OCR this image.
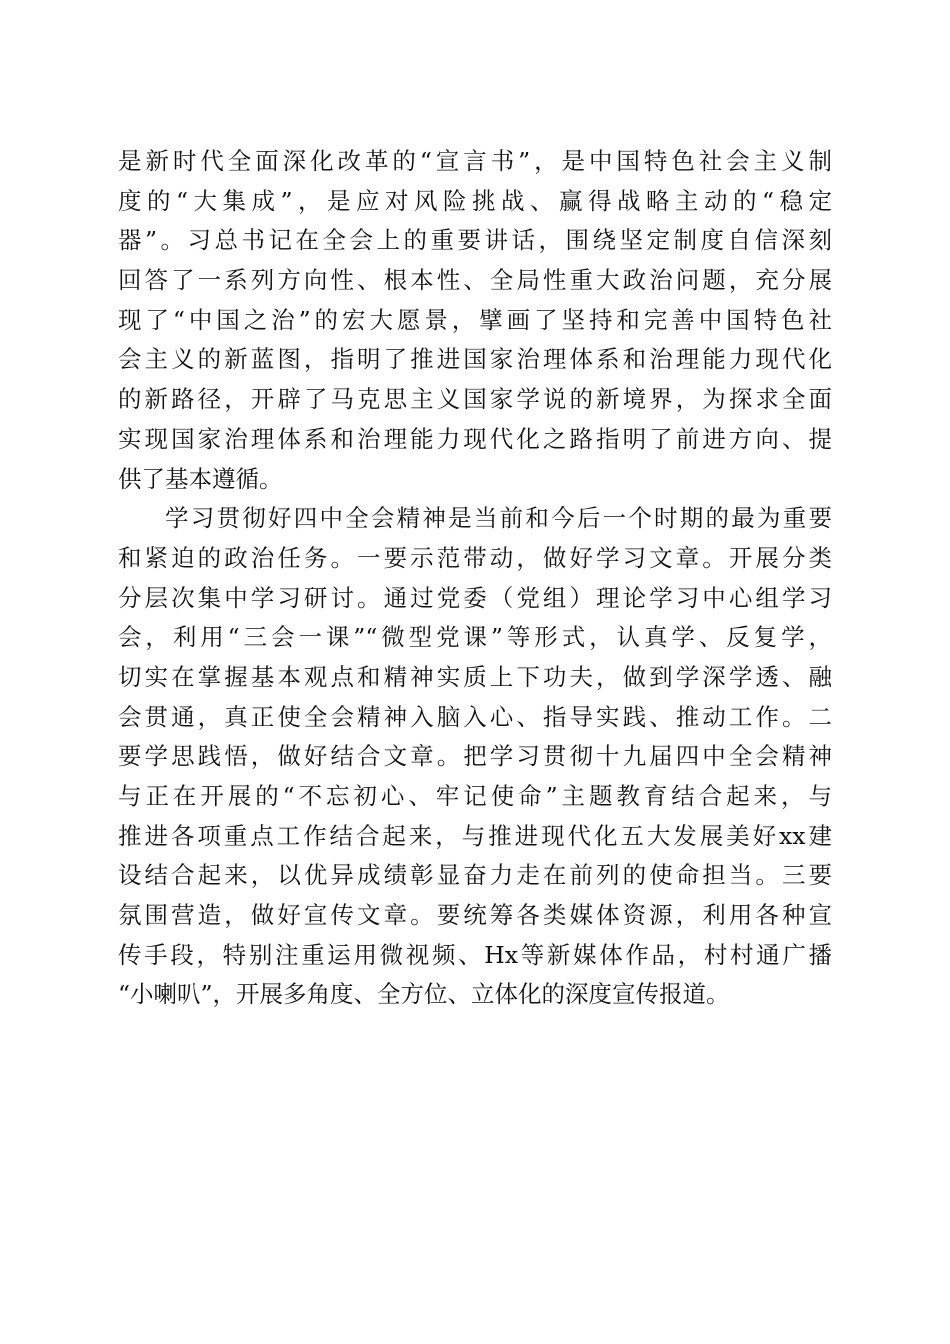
是新时代全面深化改革的“宣言书”，是中国特色社会主义制
度的“大集成”，是应对风险挑战、赢得战略主动的“稳定
器”。习总书记在全会上的重要讲话，围绕坚定制度自信深刻
回答了一系列方向性、根本性、全局性重大政治问题，充分展
现了“中国之治”的宏大愿景，擘画了坚持和完善中国特色社
会主义的新蓝图，指明了推进国家治理体系和治理能力现代化
的新路径，开辟了马克思主义国家学说的新境界，为探求全面
实现国家治理体系和治理能力现代化之路指明了前进方向、提
供了基本遵循。
学习贯彻好四中全会精神是当前和今后一个时期的最为重要
和紧迫的政治任务。一要示范带动，做好学习文章。开展分类
分层次集中学习研讨。通过党委（党组）理论学习中心组学习
会，利用“三会一课”“微型党课”等形式，认真学、反复学，
切实在掌握基本观点和精神实质上下功夫，做到学深学透、融
会贯通，真正使全会精神入脑入心、指导实践、推动工作。二
要学思践悟，做好结合文章。把学习贯彻十九届四中全会精神
与正在开展的“不忘初心、牢记使命”主题教育结合起来，与
推进各项重点工作结合起来，与推进现代化五大发展美好xx建
设结合起来，以优异成绩彰显奋力走在前列的使命担当。三要
氛围营造，做好宣传文章。要统筹各类媒体资源，利用各种宣
传手段，特别注重运用微视频、Hx等新媒体作品，村村通广播
“小喇叭”，开展多角度、全方位、立体化的深度宣传报道。
